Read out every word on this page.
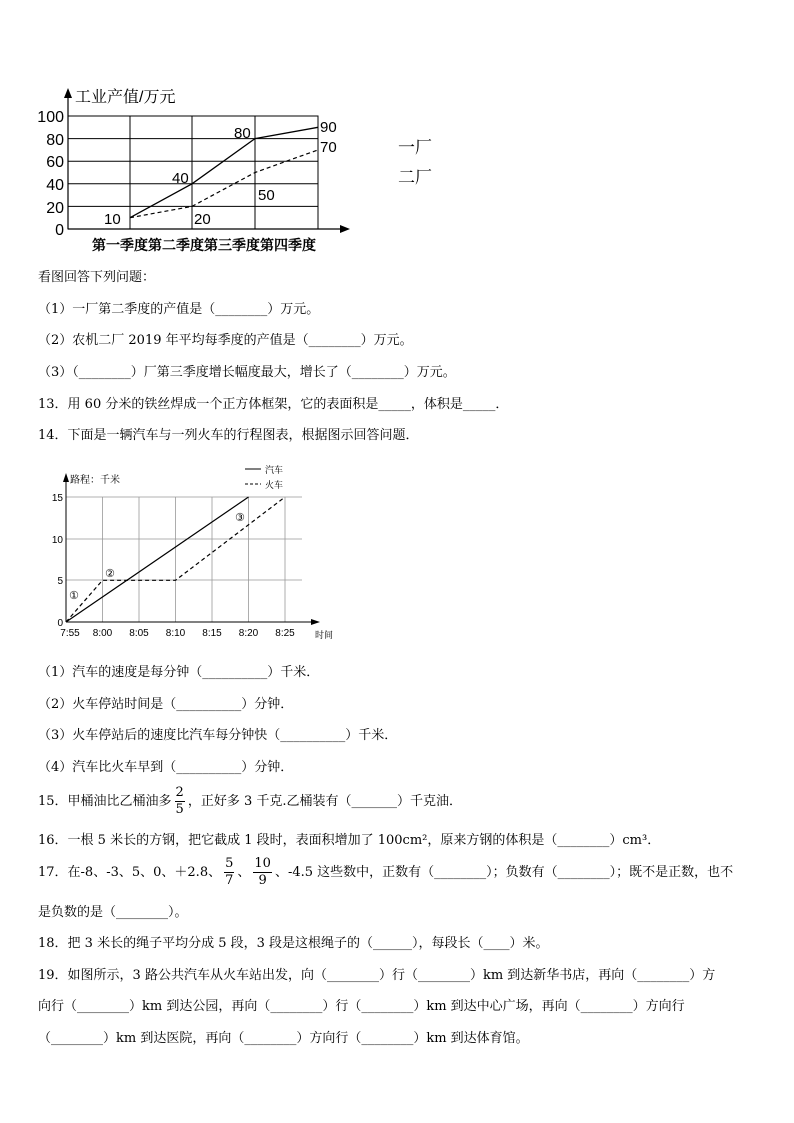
工业产值/万元
0
20
40
60
80
100
第一季度第二季度第三季度第四季度
10
40
80	90
20
50
70	一厂
二厂
看图回答下列问题：
（1）一厂第二季度的产值是（________）万元。
（2）农机二厂 2019 年平均每季度的产值是（________）万元。
（3）（________）厂第三季度增长幅度最大，增长了（________）万元。
13．用 60 分米的铁丝焊成一个正方体框架，它的表面积是_____，体积是_____．
14．下面是一辆汽车与一列火车的行程图表，根据图示回答问题．
路程：千米
时间
0
5
10
15
7:55 8:00 8:05 8:10 8:15 8:20 8:25
汽车
火车
①
②
③
（1）汽车的速度是每分钟（__________）千米．
（2）火车停站时间是（__________）分钟．
（3）火车停站后的速度比汽车每分钟快（__________）千米．
（4）汽车比火车早到（__________）分钟．
15．甲桶油比乙桶油多 $\frac{2}{5}$ ，正好多 3 千克.乙桶装有（_______）千克油．
16．一根 5 米长的方钢，把它截成 1 段时，表面积增加了 100cm²，原来方钢的体积是（________）cm³．
17．在-8、-3、5、0、＋2.8、 $\frac{5}{7}$ 、 $\frac{10}{9}$ 、-4.5 这些数中，正数有（________）；负数有（________）；既不是正数，也不
是负数的是（________）。
18．把 3 米长的绳子平均分成 5 段，3 段是这根绳子的（______），每段长（____）米。
19．如图所示，3 路公共汽车从火车站出发，向（________）行（________）km 到达新华书店，再向（________）方
向行（________）km 到达公园，再向（________）行（________）km 到达中心广场，再向（________）方向行
（________）km 到达医院，再向（________）方向行（________）km 到达体育馆。
